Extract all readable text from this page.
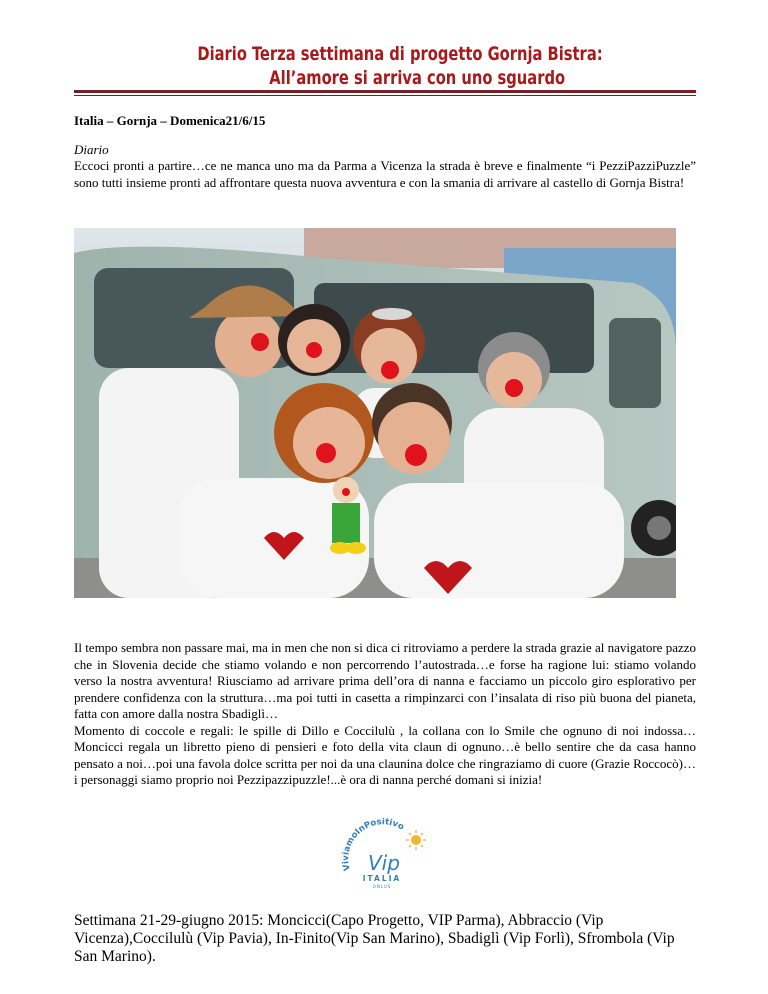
Diario Terza settimana di progetto Gornja Bistra:
All’amore si arriva con uno sguardo
Italia – Gornja – Domenica21/6/15
Diario
Eccoci pronti a partire…ce ne manca uno ma da Parma a Vicenza la strada è breve e finalmente “i PezziPazziPuzzle” sono tutti insieme pronti ad affrontare questa nuova avventura e con la smania di arrivare al castello di Gornja Bistra!
Il tempo sembra non passare mai, ma in men che non si dica ci ritroviamo a perdere la strada grazie al navigatore pazzo che in Slovenia decide che stiamo volando e non percorrendo l’autostrada…e forse ha ragione lui: stiamo volando verso la nostra avventura! Riusciamo ad arrivare prima dell’ora di nanna e facciamo un piccolo giro esplorativo per prendere confidenza con la struttura…ma poi tutti in casetta a rimpinzarci con l’insalata di riso più buona del pianeta, fatta con amore dalla nostra Sbadiglì…
Momento di coccole e regali: le spille di Dillo e Coccilulù , la collana con lo Smile che ognuno di noi indossa…Moncicci regala un libretto pieno di pensieri e foto della vita claun di ognuno…è bello sentire che da casa hanno pensato a noi…poi una favola dolce scritta per noi da una claunina dolce che ringraziamo di cuore (Grazie Roccocò)…i personaggi siamo proprio noi Pezzipazzipuzzle!...è ora di nanna perché domani si inizia!
ViviamoInPositivo
Vip
ITALIA
ONLUS
Settimana 21-29-giugno 2015: Moncicci(Capo Progetto, VIP Parma), Abbraccio (Vip Vicenza),Coccilulù (Vip Pavia), In-Finito(Vip San Marino), Sbadiglì (Vip Forlì), Sfrombola (Vip San Marino).
